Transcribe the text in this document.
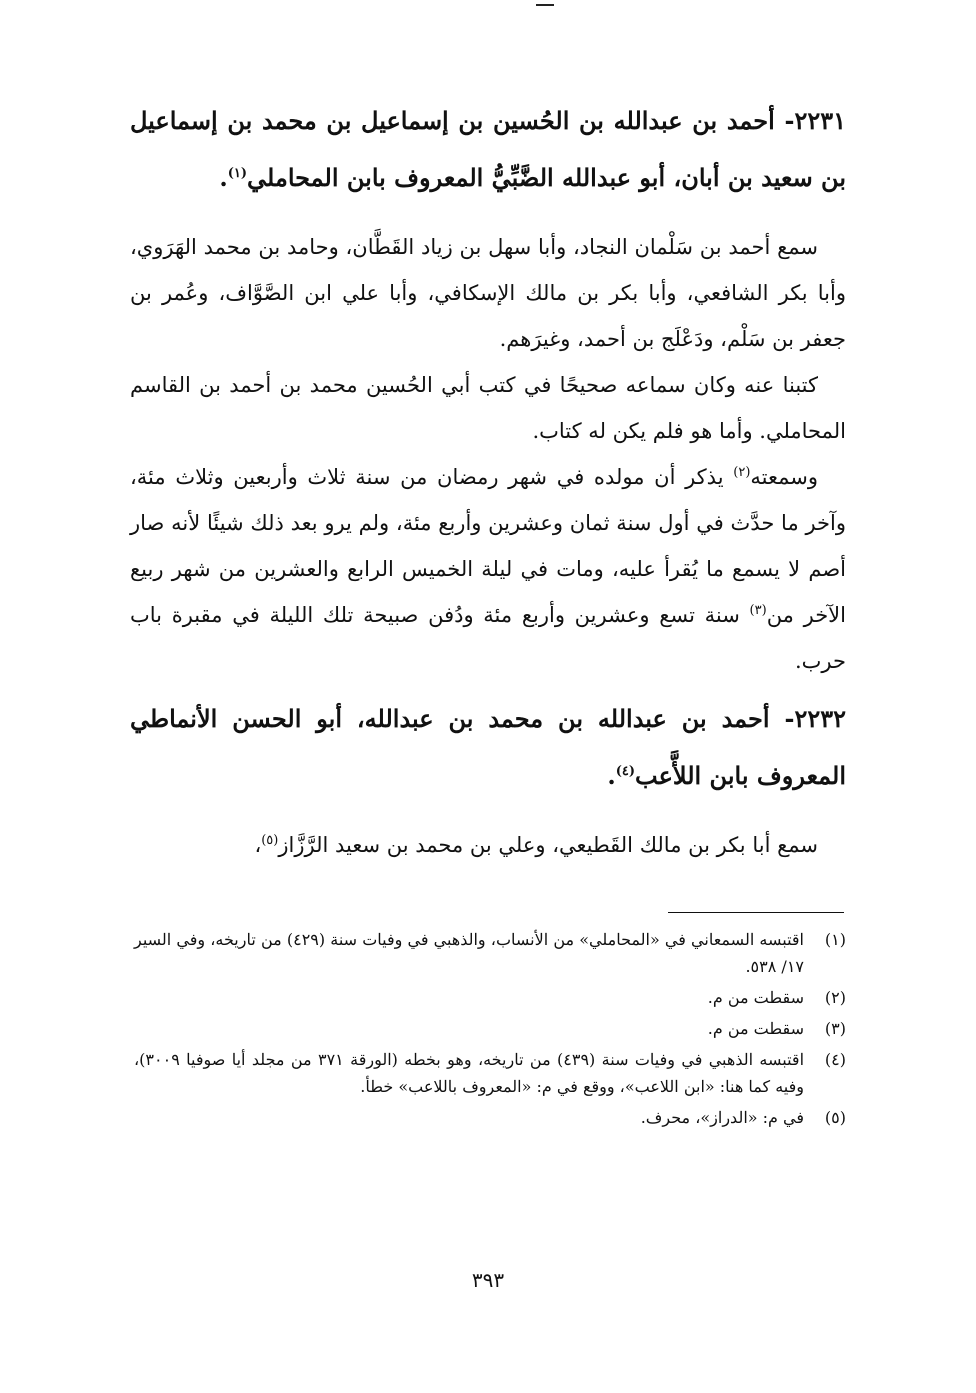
٢٢٣١- أحمد بن عبدالله بن الحُسين بن إسماعيل بن محمد بن إسماعيل بن سعيد بن أبان، أبو عبدالله الضَّبِّيُّ المعروف بابن المحاملي$^{(١)}$.

سمع أحمد بن سَلْمان النجاد، وأبا سهل بن زياد القَطَّان، وحامد بن محمد الهَرَوي، وأبا بكر الشافعي، وأبا بكر بن مالك الإسكافي، وأبا علي ابن الصَّوَّاف، وعُمر بن جعفر بن سَلْم، ودَعْلَج بن أحمد، وغيرَهم.

كتبنا عنه وكان سماعه صحيحًا في كتب أبي الحُسين محمد بن أحمد بن القاسم المحاملي. وأما هو فلم يكن له كتاب.

وسمعته$^{(٢)}$ يذكر أن مولده في شهر رمضان من سنة ثلاث وأربعين وثلاث مئة، وآخر ما حدَّث في أول سنة ثمان وعشرين وأربع مئة، ولم يرو بعد ذلك شيئًا لأنه صار أصم لا يسمع ما يُقرأ عليه، ومات في ليلة الخميس الرابع والعشرين من شهر ربيع الآخر من$^{(٣)}$ سنة تسع وعشرين وأربع مئة ودُفن صبيحة تلك الليلة في مقبرة باب حرب.

٢٢٣٢- أحمد بن عبدالله بن محمد بن عبدالله، أبو الحسن الأنماطي المعروف بابن اللأَّعب$^{(٤)}$.

سمع أبا بكر بن مالك القَطيعي، وعلي بن محمد بن سعيد الرَّزَّاز$^{(٥)}$،

(١)
اقتبسه السمعاني في «المحاملي» من الأنساب، والذهبي في وفيات سنة (٤٢٩) من تاريخه، وفي السير ١٧/ ٥٣٨.
(٢)
سقطت من م.
(٣)
سقطت من م.
(٤)
اقتبسه الذهبي في وفيات سنة (٤٣٩) من تاريخه، وهو بخطه (الورقة ٣٧١ من مجلد أيا صوفيا ٣٠٠٩)، وفيه كما هنا: «ابن اللاعب»، ووقع في م: «المعروف باللاعب» خطأ.
(٥)
في م: «الدراز»، محرف.
٣٩٣
